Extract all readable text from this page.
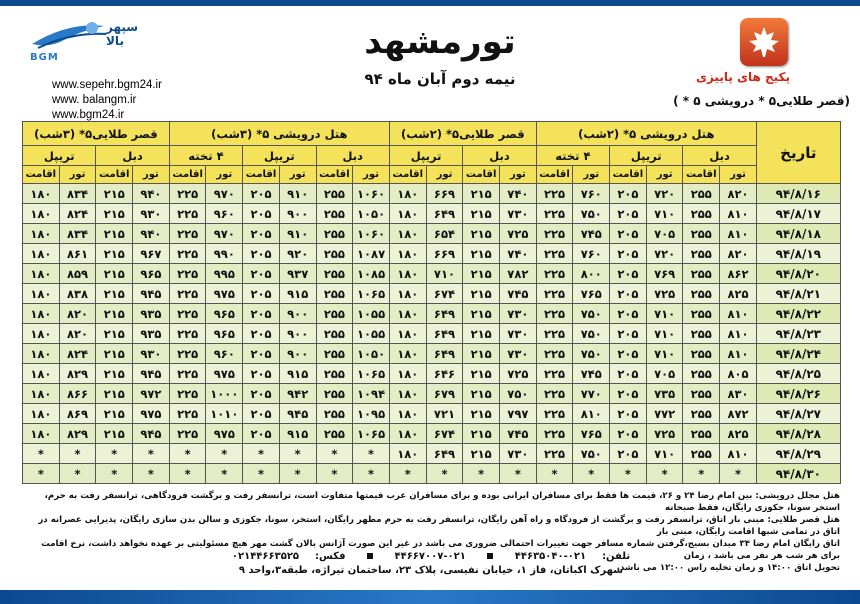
سپهر بالا
BGM
www.sepehr.bgm24.ir
www. balangm.ir
www.bgm24.ir
تورمشهد
نیمه دوم آبان ماه ۹۴	پکیج های پاییزی
(قصر طلایی۵ * درویشی ۵ * )
تاریخ	هتل درویشی ۵* (۲شب)						قصر طلایی۵* (۲شب)				هتل درویشی ۵* (۳شب)						قصر طلایی۵* (۳شب)			
	دبل		تریپل		۴ تخته		دبل		تریپل		دبل		تریپل		۴ تخته		دبل		تریپل	
	تور	اقامت	تور	اقامت	تور	اقامت	تور	اقامت	تور	اقامت	تور	اقامت	تور	اقامت	تور	اقامت	تور	اقامت	تور	اقامت
۹۴/۸/۱۶	۸۲۰	۲۵۵	۷۲۰	۲۰۵	۷۶۰	۲۲۵	۷۴۰	۲۱۵	۶۶۹	۱۸۰	۱۰۶۰	۲۵۵	۹۱۰	۲۰۵	۹۷۰	۲۲۵	۹۴۰	۲۱۵	۸۳۴	۱۸۰
۹۴/۸/۱۷	۸۱۰	۲۵۵	۷۱۰	۲۰۵	۷۵۰	۲۲۵	۷۳۰	۲۱۵	۶۴۹	۱۸۰	۱۰۵۰	۲۵۵	۹۰۰	۲۰۵	۹۶۰	۲۲۵	۹۳۰	۲۱۵	۸۲۴	۱۸۰
۹۴/۸/۱۸	۸۱۰	۲۵۵	۷۰۵	۲۰۵	۷۴۵	۲۲۵	۷۲۵	۲۱۵	۶۵۴	۱۸۰	۱۰۶۰	۲۵۵	۹۱۰	۲۰۵	۹۷۰	۲۲۵	۹۴۰	۲۱۵	۸۳۴	۱۸۰
۹۴/۸/۱۹	۸۲۰	۲۵۵	۷۲۰	۲۰۵	۷۶۰	۲۲۵	۷۴۰	۲۱۵	۶۶۹	۱۸۰	۱۰۸۷	۲۵۵	۹۲۰	۲۰۵	۹۹۰	۲۲۵	۹۶۷	۲۱۵	۸۶۱	۱۸۰
۹۴/۸/۲۰	۸۶۲	۲۵۵	۷۶۹	۲۰۵	۸۰۰	۲۲۵	۷۸۲	۲۱۵	۷۱۰	۱۸۰	۱۰۸۵	۲۵۵	۹۳۷	۲۰۵	۹۹۵	۲۲۵	۹۶۵	۲۱۵	۸۵۹	۱۸۰
۹۴/۸/۲۱	۸۲۵	۲۵۵	۷۲۵	۲۰۵	۷۶۵	۲۲۵	۷۴۵	۲۱۵	۶۷۴	۱۸۰	۱۰۶۵	۲۵۵	۹۱۵	۲۰۵	۹۷۵	۲۲۵	۹۴۵	۲۱۵	۸۳۸	۱۸۰
۹۴/۸/۲۲	۸۱۰	۲۵۵	۷۱۰	۲۰۵	۷۵۰	۲۲۵	۷۳۰	۲۱۵	۶۴۹	۱۸۰	۱۰۵۵	۲۵۵	۹۰۰	۲۰۵	۹۶۵	۲۲۵	۹۳۵	۲۱۵	۸۲۰	۱۸۰
۹۴/۸/۲۳	۸۱۰	۲۵۵	۷۱۰	۲۰۵	۷۵۰	۲۲۵	۷۳۰	۲۱۵	۶۴۹	۱۸۰	۱۰۵۵	۲۵۵	۹۰۰	۲۰۵	۹۶۵	۲۲۵	۹۳۵	۲۱۵	۸۲۰	۱۸۰
۹۴/۸/۲۴	۸۱۰	۲۵۵	۷۱۰	۲۰۵	۷۵۰	۲۲۵	۷۳۰	۲۱۵	۶۴۹	۱۸۰	۱۰۵۰	۲۵۵	۹۰۰	۲۰۵	۹۶۰	۲۲۵	۹۳۰	۲۱۵	۸۲۴	۱۸۰
۹۴/۸/۲۵	۸۰۵	۲۵۵	۷۰۵	۲۰۵	۷۴۵	۲۲۵	۷۲۵	۲۱۵	۶۴۶	۱۸۰	۱۰۶۵	۲۵۵	۹۱۵	۲۰۵	۹۷۵	۲۲۵	۹۴۵	۲۱۵	۸۲۹	۱۸۰
۹۴/۸/۲۶	۸۳۰	۲۵۵	۷۳۵	۲۰۵	۷۷۰	۲۲۵	۷۵۰	۲۱۵	۶۷۹	۱۸۰	۱۰۹۴	۲۵۵	۹۴۲	۲۰۵	۱۰۰۰	۲۲۵	۹۷۲	۲۱۵	۸۶۶	۱۸۰
۹۴/۸/۲۷	۸۷۲	۲۵۵	۷۷۲	۲۰۵	۸۱۰	۲۲۵	۷۹۷	۲۱۵	۷۲۱	۱۸۰	۱۰۹۵	۲۵۵	۹۴۵	۲۰۵	۱۰۱۰	۲۲۵	۹۷۵	۲۱۵	۸۶۹	۱۸۰
۹۴/۸/۲۸	۸۲۵	۲۵۵	۷۲۵	۲۰۵	۷۶۵	۲۲۵	۷۴۵	۲۱۵	۶۷۴	۱۸۰	۱۰۶۵	۲۵۵	۹۱۵	۲۰۵	۹۷۵	۲۲۵	۹۴۵	۲۱۵	۸۲۹	۱۸۰
۹۴/۸/۲۹	۸۱۰	۲۵۵	۷۱۰	۲۰۵	۷۵۰	۲۲۵	۷۳۰	۲۱۵	۶۴۹	۱۸۰	*	*	*	*	*	*	*	*	*	*
۹۴/۸/۳۰	*	*	*	*	*	*	*	*	*	*	*	*	*	*	*	*	*	*	*	*
هتل مجلل درویشی: بین امام رضا ۲۴ و ۲۶، قیمت ها فقط برای مسافران ایرانی بوده و برای مسافران عرب قیمتها متفاوت است، ترانسفر رفت و برگشت فرودگاهی، ترانسفر رفت به حرم، استخر سونا، جکوزی رایگان، فقط صبحانه
هتل قصر طلایی: مبنی بار اتاق، ترانسفر رفت و برگشت از فرودگاه و راه آهن رایگان، ترانسفر رفت به حرم مطهر رایگان، استخر، سونا، جکوزی و سالن بدن سازی رایگان، پذیرایی عصرانه در اتاق در تمامی شبها اقامت رایگان، مبنی بار
اتاق رایگان امام رضا ۳۴ میدان بسیج،گرفتن شماره مسافر جهت تغییرات احتمالی ضروری می باشد در غیر این صورت آژانس بالان گشت مهر هیچ مسئولیتی بر عهده نخواهد داشت، نرخ اقامت برای هر شب هر نفر می باشد ، زمان
تحویل اتاق ۱۴:۰۰ و زمان تخلیه راس ۱۲:۰۰ می باشد.
تلفن:۰۲۱-۴۴۶۳۵۰۴۰  ۰۲۱-۴۴۶۶۷۰۰۷  فکس:۰۲۱۴۴۶۶۳۵۲۵
شهرک اکباتان، فاز ۱، خیابان نفیسی، پلاک ۲۳، ساختمان تیراژه، طبقه۳،واحد ۹
